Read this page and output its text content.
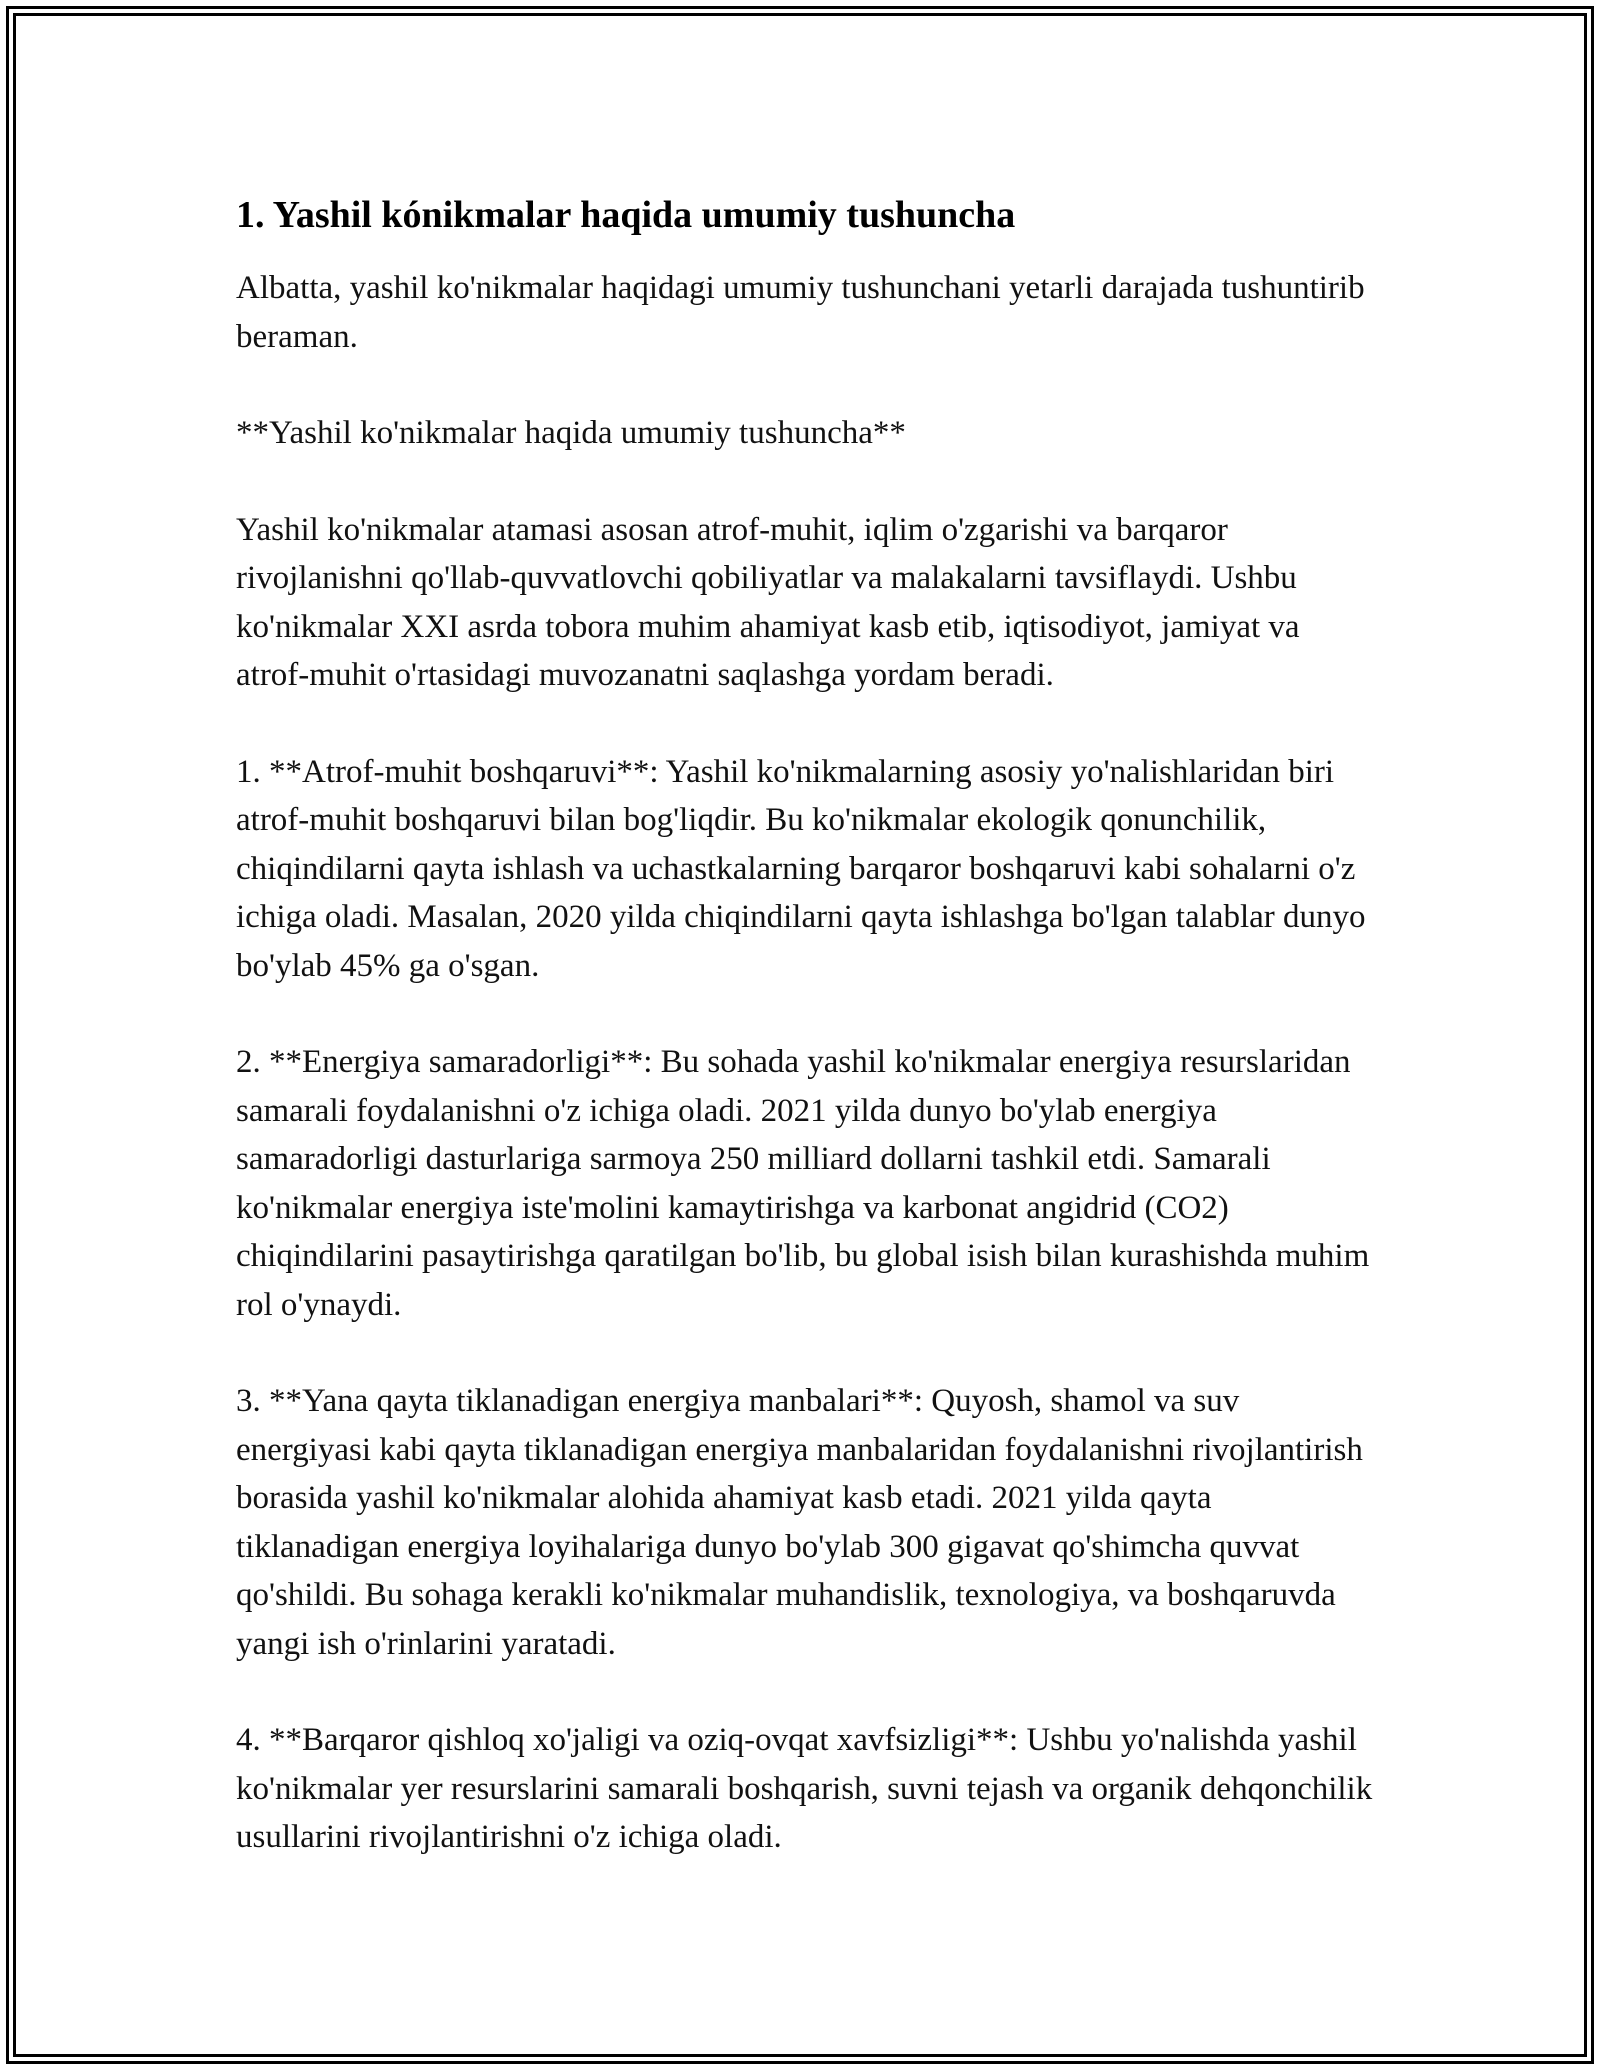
1. Yashil kónikmalar haqida umumiy tushuncha

Albatta, yashil ko'nikmalar haqidagi umumiy tushunchani yetarli darajada tushuntirib beraman.

**Yashil ko'nikmalar haqida umumiy tushuncha**

Yashil ko'nikmalar atamasi asosan atrof-muhit, iqlim o'zgarishi va barqaror rivojlanishni qo'llab-quvvatlovchi qobiliyatlar va malakalarni tavsiflaydi. Ushbu ko'nikmalar XXI asrda tobora muhim ahamiyat kasb etib, iqtisodiyot, jamiyat va atrof-muhit o'rtasidagi muvozanatni saqlashga yordam beradi.

1. **Atrof-muhit boshqaruvi**: Yashil ko'nikmalarning asosiy yo'nalishlaridan biri atrof-muhit boshqaruvi bilan bog'liqdir. Bu ko'nikmalar ekologik qonunchilik, chiqindilarni qayta ishlash va uchastkalarning barqaror boshqaruvi kabi sohalarni o'z ichiga oladi. Masalan, 2020 yilda chiqindilarni qayta ishlashga bo'lgan talablar dunyo bo'ylab 45% ga o'sgan.

2. **Energiya samaradorligi**: Bu sohada yashil ko'nikmalar energiya resurslaridan samarali foydalanishni o'z ichiga oladi. 2021 yilda dunyo bo'ylab energiya samaradorligi dasturlariga sarmoya 250 milliard dollarni tashkil etdi. Samarali ko'nikmalar energiya iste'molini kamaytirishga va karbonat angidrid (CO2) chiqindilarini pasaytirishga qaratilgan bo'lib, bu global isish bilan kurashishda muhim rol o'ynaydi.

3. **Yana qayta tiklanadigan energiya manbalari**: Quyosh, shamol va suv energiyasi kabi qayta tiklanadigan energiya manbalaridan foydalanishni rivojlantirish borasida yashil ko'nikmalar alohida ahamiyat kasb etadi. 2021 yilda qayta tiklanadigan energiya loyihalariga dunyo bo'ylab 300 gigavat qo'shimcha quvvat qo'shildi. Bu sohaga kerakli ko'nikmalar muhandislik, texnologiya, va boshqaruvda yangi ish o'rinlarini yaratadi.

4. **Barqaror qishloq xo'jaligi va oziq-ovqat xavfsizligi**: Ushbu yo'nalishda yashil ko'nikmalar yer resurslarini samarali boshqarish, suvni tejash va organik dehqonchilik usullarini rivojlantirishni o'z ichiga oladi.
